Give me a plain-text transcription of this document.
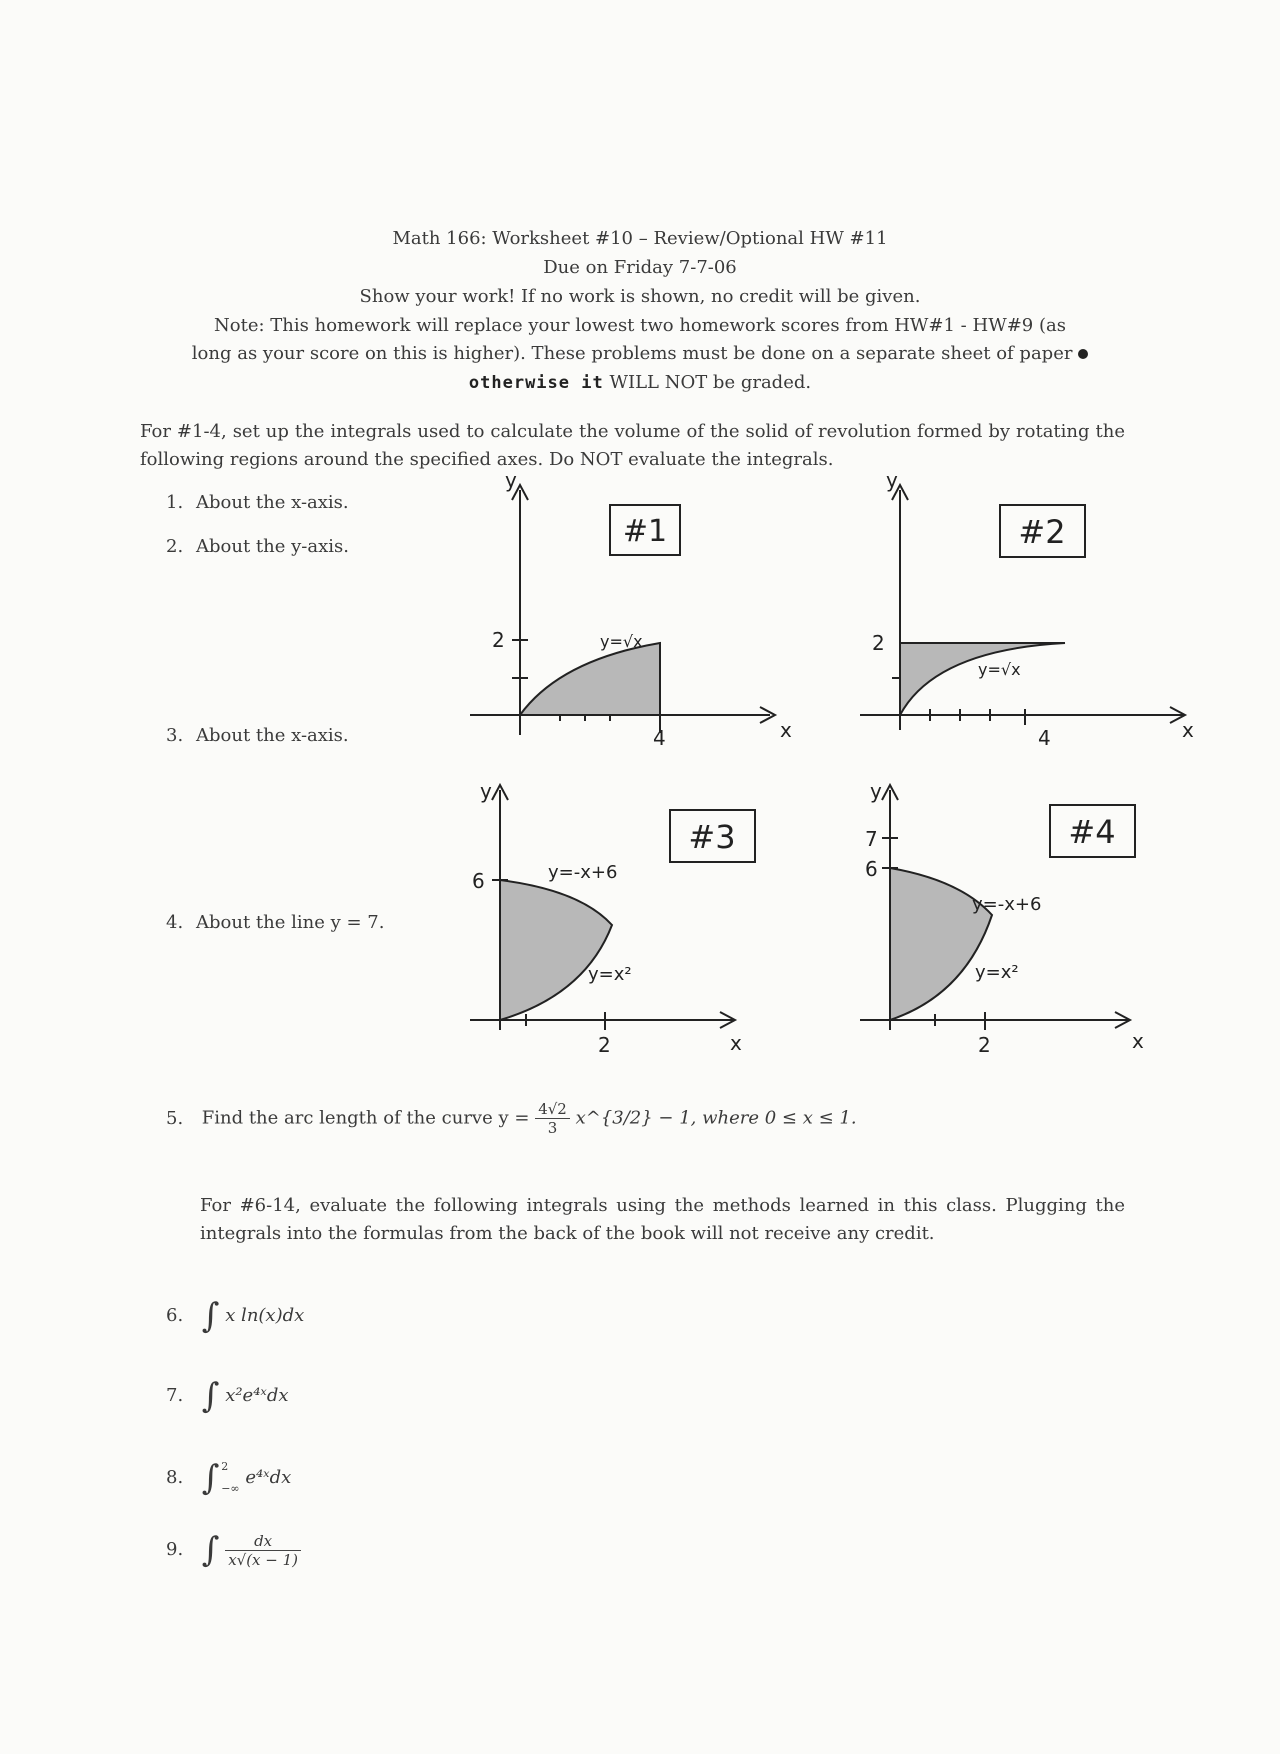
Math 166: Worksheet #10 – Review/Optional HW #11
Due on Friday 7-7-06
Show your work! If no work is shown, no credit will be given.
Note: This homework will replace your lowest two homework scores from HW#1 - HW#9 (as
long as your score on this is higher). These problems must be done on a separate sheet of paper
otherwise it WILL NOT be graded.
For #1-4, set up the integrals used to calculate the volume of the solid of revolution formed by rotating the following regions around the specified axes. Do NOT evaluate the integrals.
1. About the x-axis.
2. About the y-axis.
3. About the x-axis.
4. About the line y = 7.
#1
y
x
2
4
y=√x
#2
y
x
2
4
y=√x
#3
y
x
6
2
y=-x+6
y=x²
#4
y
x
7
6
2
y=-x+6
y=x²
5. Find the arc length of the curve $y = \frac{4√2}{3}$ x^{3/2} − 1, where 0 ≤ x ≤ 1.
For #6-14, evaluate the following integrals using the methods learned in this class. Plugging the integrals into the formulas from the back of the book will not receive any credit.
6. ∫ x ln(x)dx
7. ∫ x²e⁴ˣdx
8. ∫ 2
−∞
e⁴ˣdx
9. ∫ $\frac{dx}{x√(x - 1)}$
